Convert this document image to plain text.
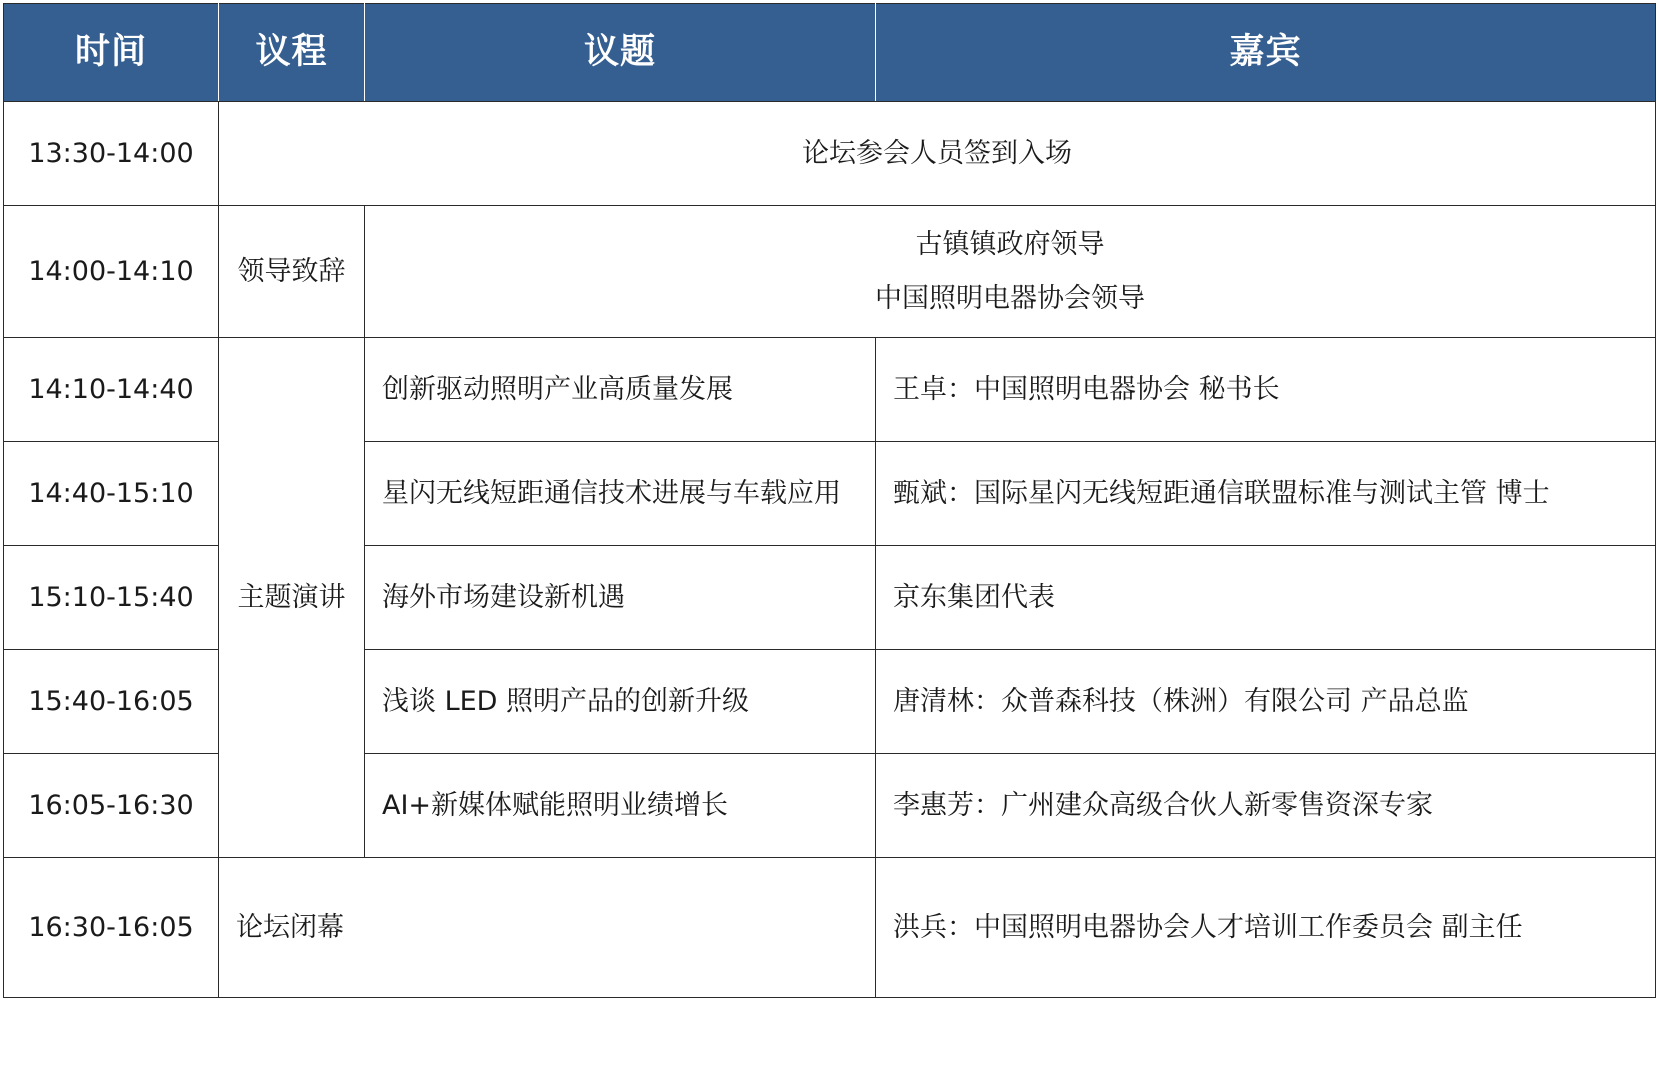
时间	议程	议题	嘉宾
13:30-14:00	论坛参会人员签到入场		
14:00-14:10	领导致辞	古镇镇政府领导
中国照明电器协会领导	

14:10-14:40	主题演讲	创新驱动照明产业高质量发展	王卓：中国照明电器协会 秘书长
14:40-15:10		星闪无线短距通信技术进展与车载应用	甄斌：国际星闪无线短距通信联盟标准与测试主管 博士
15:10-15:40		海外市场建设新机遇	京东集团代表
15:40-16:05		浅谈 LED 照明产品的创新升级	唐清林：众普森科技（株洲）有限公司 产品总监
16:05-16:30		AI+新媒体赋能照明业绩增长	李惠芳：广州建众高级合伙人新零售资深专家
16:30-16:05	论坛闭幕		洪兵：中国照明电器协会人才培训工作委员会 副主任
